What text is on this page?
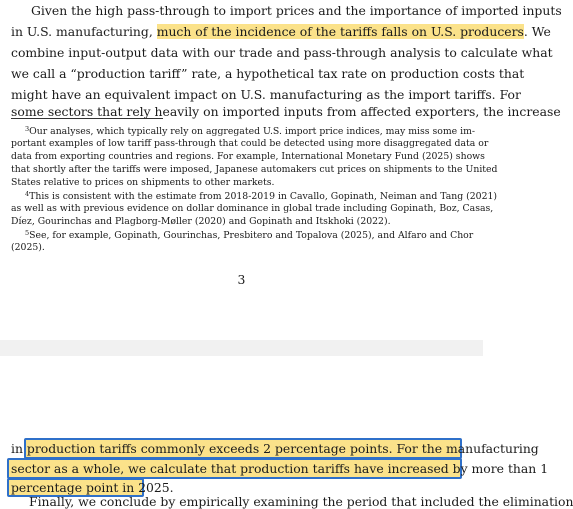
Given the high pass-through to import prices and the importance of imported inputs
in U.S. manufacturing, much of the incidence of the tariffs falls on U.S. producers. We
combine input-output data with our trade and pass-through analysis to calculate what
we call a “production tariff” rate, a hypothetical tax rate on production costs that
might have an equivalent impact on U.S. manufacturing as the import tariffs. For
some sectors that rely heavily on imported inputs from affected exporters, the increase
$^3$Our analyses, which typically rely on aggregated U.S. import price indices, may miss some im-
portant examples of low tariff pass-through that could be detected using more disaggregated data or
data from exporting countries and regions. For example, International Monetary Fund (2025) shows
that shortly after the tariffs were imposed, Japanese automakers cut prices on shipments to the United
States relative to prices on shipments to other markets.
$^4$This is consistent with the estimate from 2018-2019 in Cavallo, Gopinath, Neiman and Tang (2021)
as well as with previous evidence on dollar dominance in global trade including Gopinath, Boz, Casas,
Díez, Gourinchas and Plagborg-Møller (2020) and Gopinath and Itskhoki (2022).
$^5$See, for example, Gopinath, Gourinchas, Presbitero and Topalova (2025), and Alfaro and Chor
(2025).
3
in production tariffs commonly exceeds 2 percentage points. For the manufacturing
sector as a whole, we calculate that production tariffs have increased by more than 1
percentage point in 2025.
Finally, we conclude by empirically examining the period that included the elimination
